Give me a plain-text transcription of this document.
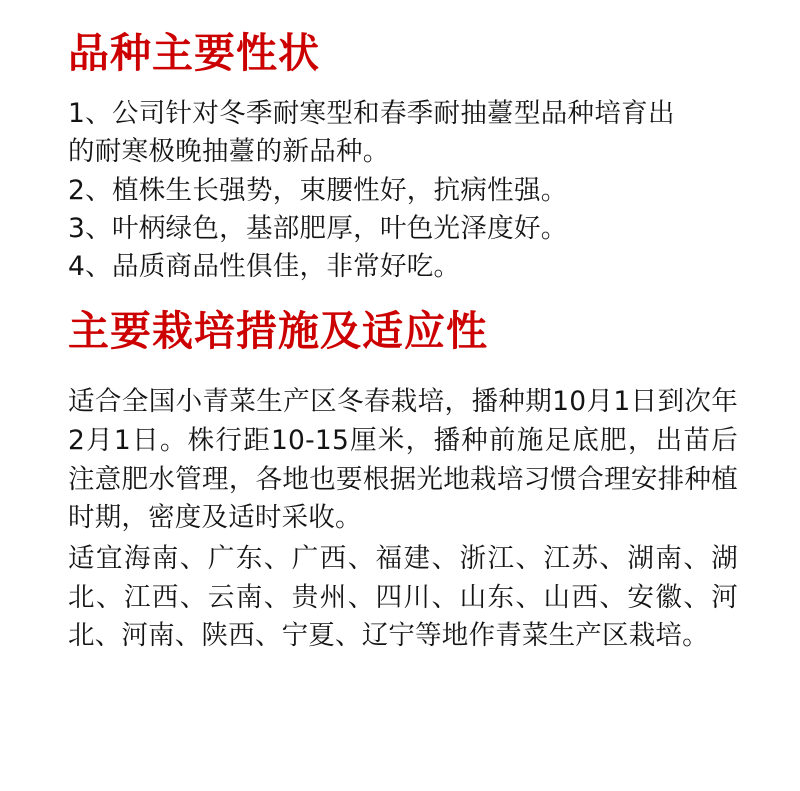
品种主要性状
1、公司针对冬季耐寒型和春季耐抽薹型品种培育出
的耐寒极晚抽薹的新品种。
2、植株生长强势，束腰性好，抗病性强。
3、叶柄绿色，基部肥厚，叶色光泽度好。
4、品质商品性俱佳，非常好吃。
主要栽培措施及适应性

适合全国小青菜生产区冬春栽培，播种期10月1日到次年2月1日。株行距10-15厘米，播种前施足底肥，出苗后注意肥水管理，各地也要根据光地栽培习惯合理安排种植时期，密度及适时采收。

适宜海南、广东、广西、福建、浙江、江苏、湖南、湖北、江西、云南、贵州、四川、山东、山西、安徽、河北、河南、陕西、宁夏、辽宁等地作青菜生产区栽培。
